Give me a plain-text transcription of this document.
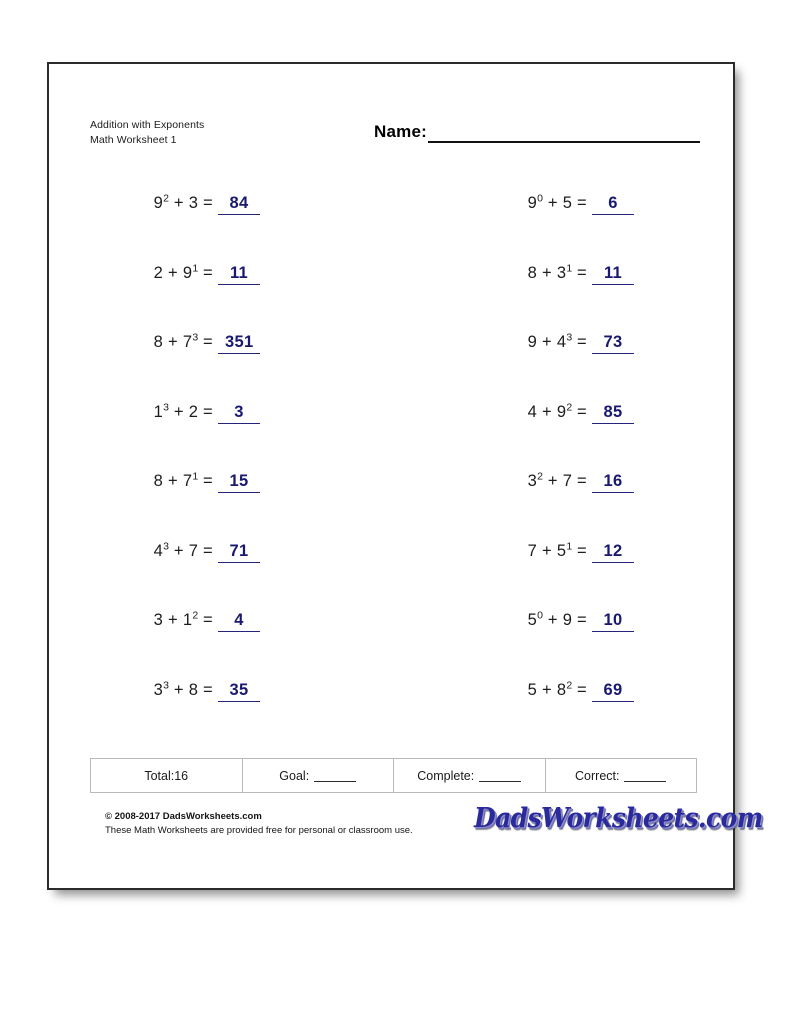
Addition with Exponents
Math Worksheet 1	Name:
$9^2 + 3$ =	84	$9^0 + 5$ =	6
$2 + 9^1$ =	11	$8 + 3^1$ =	11
$8 + 7^3 = 351$	$9 + 4^3$ =	73
$1^3 + 2$ =	3	$4 + 9^2$ =	85
$8 + 7^1$ =	15	$3^2 + 7$ =	16
$4^3 + 7$ =	71	$7 + 5^1$ =	12
$3 + 1^2$ =	4	$5^0 + 9$ =	10
$3^3 + 8$ =	35	$5 + 8^2$ =	69
Total: 16	Goal:	Complete:	Correct:
© 2008-2017 DadsWorksheets.com
These Math Worksheets are provided free for personal or classroom use. DadsWorksheets.com
